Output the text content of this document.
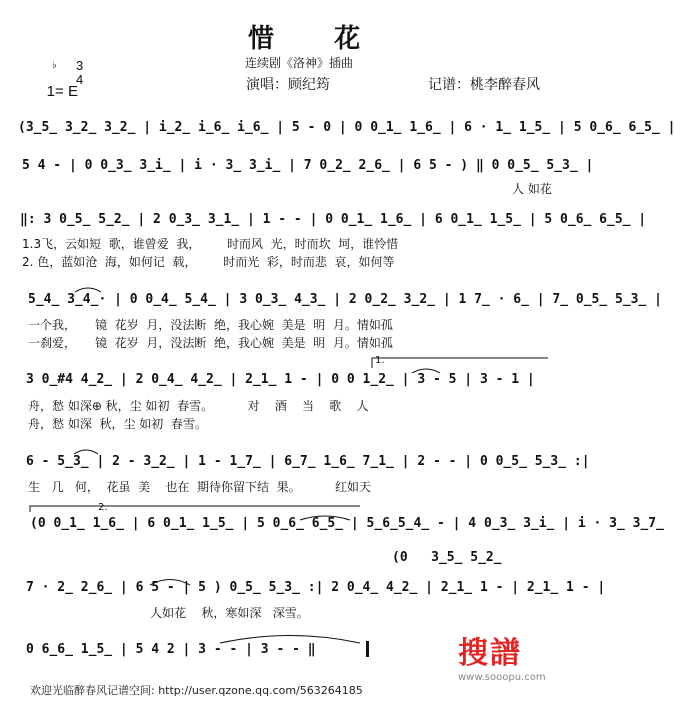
惜  花
连续剧《洛神》插曲

1= E

♭ 3
4	演唱：顾纪筠	记谱：桃李醉春风
(3̲5̲ 3̲2̲ 3̲2̲ | i̲2̲ i̲6̲ i̲6̲ | 5 - 0 | 0 0̲1̲ 1̲6̲ | 6 · 1̲ 1̲5̲ | 5 0̲6̲ 6̲5̲ |
5 4 - | 0 0̲3̲ 3̲i̲ | i · 3̲ 3̲i̲ | 7 0̲2̲ 2̲6̲ | 6 5 - ) ‖ 0 0̲5̲ 5̲3̲ |
人 如花
‖: 3 0̲5̲ 5̲2̲ | 2 0̲3̲ 3̲1̲ | 1 - - | 0 0̲1̲ 1̲6̲ | 6 0̲1̲ 1̲5̲ | 5 0̲6̲ 6̲5̲ |
1.3飞，云如短  歌，谁曾爱  我，       时而风  光，时而坎  坷，谁怜惜
2. 色，蓝如沧  海，如何记  载，       时而光  彩，时而悲  哀，如何等
5̲4̲ 3̲4̲· | 0 0̲4̲ 5̲4̲ | 3 0̲3̲ 4̲3̲ | 2 0̲2̲ 3̲2̲ | 1 7̲ · 6̲ | 7̲ 0̲5̲ 5̲3̲ |
一个我，     镜  花岁  月，没法断  绝，我心婉  美是  明  月。情如孤
一刹爱，     镜  花岁  月，没法断  绝，我心婉  美是  明  月。情如孤
1.
3 0̲#4 4̲2̲ | 2 0̲4̲ 4̲2̲ | 2̲1̲ 1 - | 0 0 1̲2̲ | 3 - 5 | 3 - 1 |
舟，愁 如深⊕ 秋，尘 如初  春雪。         对    酒    当    歌    人
舟，愁 如深  秋，尘 如初  春雪。
6 - 5̲3̲ | 2 - 3̲2̲ | 1 - 1̲7̲ | 6̲7̲ 1̲6̲ 7̲1̲ | 2 - - | 0 0̲5̲ 5̲3̲ :|
生   几   何，  花虽  美    也在  期待你留下结  果。         红如天
2.
(0 0̲1̲ 1̲6̲ | 6 0̲1̲ 1̲5̲ | 5 0̲6̲ 6̲5̲ | 5̲6̲5̲4̲ - | 4 0̲3̲ 3̲i̲ | i · 3̲ 3̲7̲
(0   3̲5̲ 5̲2̲
7 · 2̲ 2̲6̲ | 6 5 - | 5 ) 0̲5̲ 5̲3̲ :| 2 0̲4̲ 4̲2̲ | 2̲1̲ 1 - | 2̲1̲ 1 - |
人如花    秋，寒如深   深雪。
0 6̲6̲ 1̲5̲ | 5 4 2 | 3 - - | 3 - - ‖	搜譜
www.sooopu.com
欢迎光临醉春风记谱空间: http://user.qzone.qq.com/563264185
